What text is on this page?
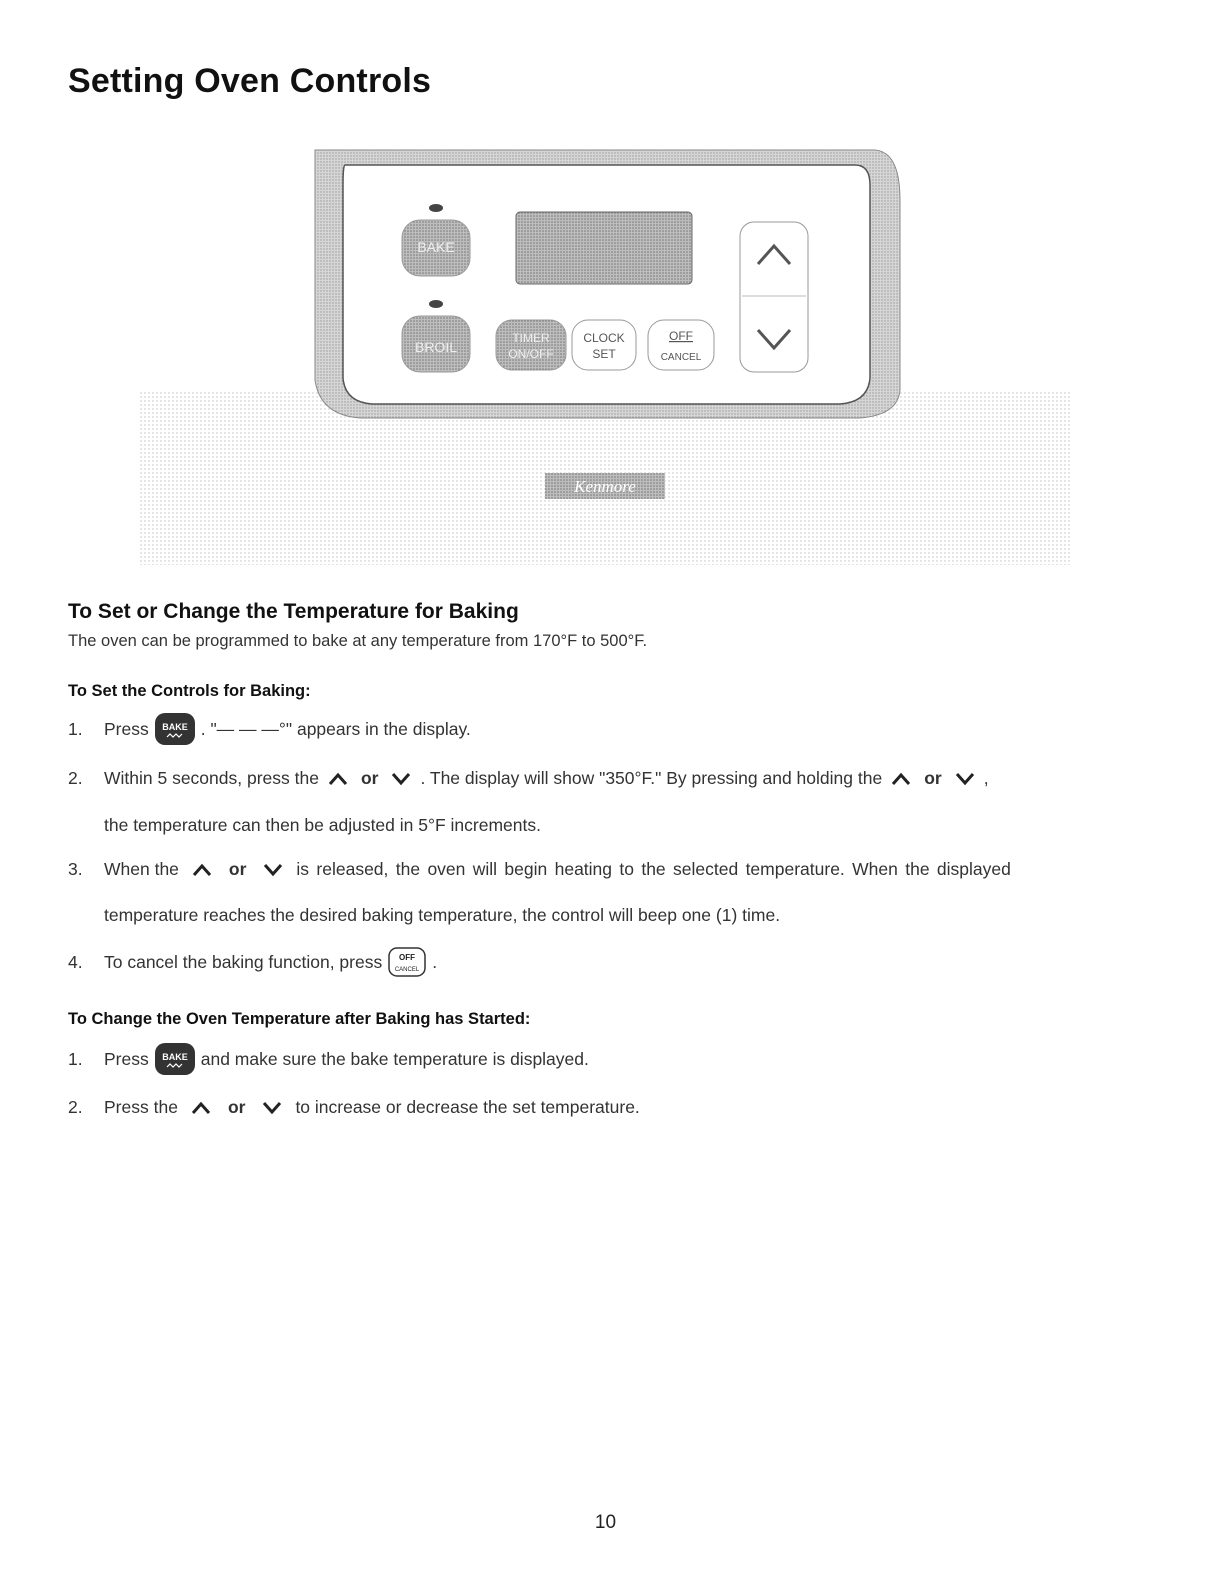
Setting Oven Controls
BAKE
BROIL
TIMER
ON/OFF
CLOCK
SET
OFF
CANCEL
Kenmore
To Set or Change the Temperature for Baking
The oven can be programmed to bake at any temperature from 170°F to 500°F.
To Set the Controls for Baking:
1.	Press BAKE . "— — —°" appears in the display.
2.	Within 5 seconds, press the or . The display will show "350°F." By pressing and holding the or ,
the temperature can then be adjusted in 5°F increments.
3.	When the	or	is released, the oven will begin heating to the selected temperature. When the displayed
temperature reaches the desired baking temperature, the control will beep one (1) time.
4.	To cancel the baking function, press OFF
CANCEL .
To Change the Oven Temperature after Baking has Started:
1.	Press BAKE and make sure the bake temperature is displayed.
2.	Press the	or	to increase or decrease the set temperature.
10
